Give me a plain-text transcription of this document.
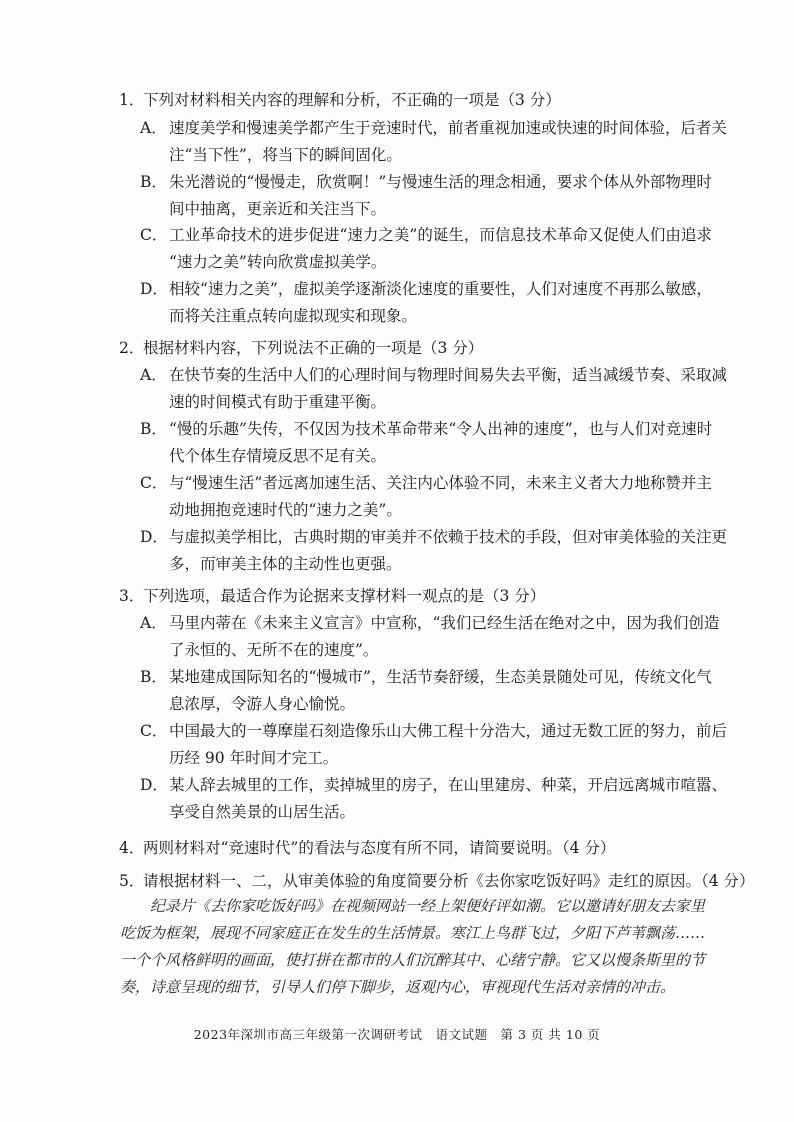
1．
下列对材料相关内容的理解和分析，不正确的一项是（3 分）
A． 速度美学和慢速美学都产生于竞速时代，前者重视加速或快速的时间体验，后者关
注“当下性”，将当下的瞬间固化。
B． 朱光潜说的“慢慢走，欣赏啊！”与慢速生活的理念相通，要求个体从外部物理时
间中抽离，更亲近和关注当下。
C． 工业革命技术的进步促进“速力之美”的诞生，而信息技术革命又促使人们由追求
“速力之美”转向欣赏虚拟美学。
D． 相较“速力之美”，虚拟美学逐渐淡化速度的重要性，人们对速度不再那么敏感，
而将关注重点转向虚拟现实和现象。
2．
根据材料内容，下列说法不正确的一项是（3 分）
A． 在快节奏的生活中人们的心理时间与物理时间易失去平衡，适当减缓节奏、采取减
速的时间模式有助于重建平衡。
B． “慢的乐趣”失传，不仅因为技术革命带来“令人出神的速度”，也与人们对竞速时
代个体生存情境反思不足有关。
C． 与“慢速生活”者远离加速生活、关注内心体验不同，未来主义者大力地称赞并主
动地拥抱竞速时代的“速力之美”。
D． 与虚拟美学相比，古典时期的审美并不依赖于技术的手段，但对审美体验的关注更
多，而审美主体的主动性也更强。
3．
下列选项，最适合作为论据来支撑材料一观点的是（3 分）
A． 马里内蒂在《未来主义宣言》中宣称，“我们已经生活在绝对之中，因为我们创造
了永恒的、无所不在的速度”。
B． 某地建成国际知名的“慢城市”，生活节奏舒缓，生态美景随处可见，传统文化气
息浓厚，令游人身心愉悦。
C． 中国最大的一尊摩崖石刻造像乐山大佛工程十分浩大，通过无数工匠的努力，前后
历经 90 年时间才完工。
D． 某人辞去城里的工作，卖掉城里的房子，在山里建房、种菜，开启远离城市喧嚣、
享受自然美景的山居生活。
4．
两则材料对“竞速时代”的看法与态度有所不同，请简要说明。（4 分）
5．
请根据材料一、二，从审美体验的角度简要分析《去你家吃饭好吗》走红的原因。（4 分）
　　纪录片《去你家吃饭好吗》在视频网站一经上架便好评如潮。它以邀请好朋友去家里
吃饭为框架，展现不同家庭正在发生的生活情景。寒江上鸟群飞过，夕阳下芦苇飘荡……
一个个风格鲜明的画面，使打拼在都市的人们沉醉其中、心绪宁静。它又以慢条斯里的节
奏，诗意呈现的细节，引导人们停下脚步，返观内心，审视现代生活对亲情的冲击。
2023年深圳市高三年级第一次调研考试　语文试题　第 3 页 共 10 页
